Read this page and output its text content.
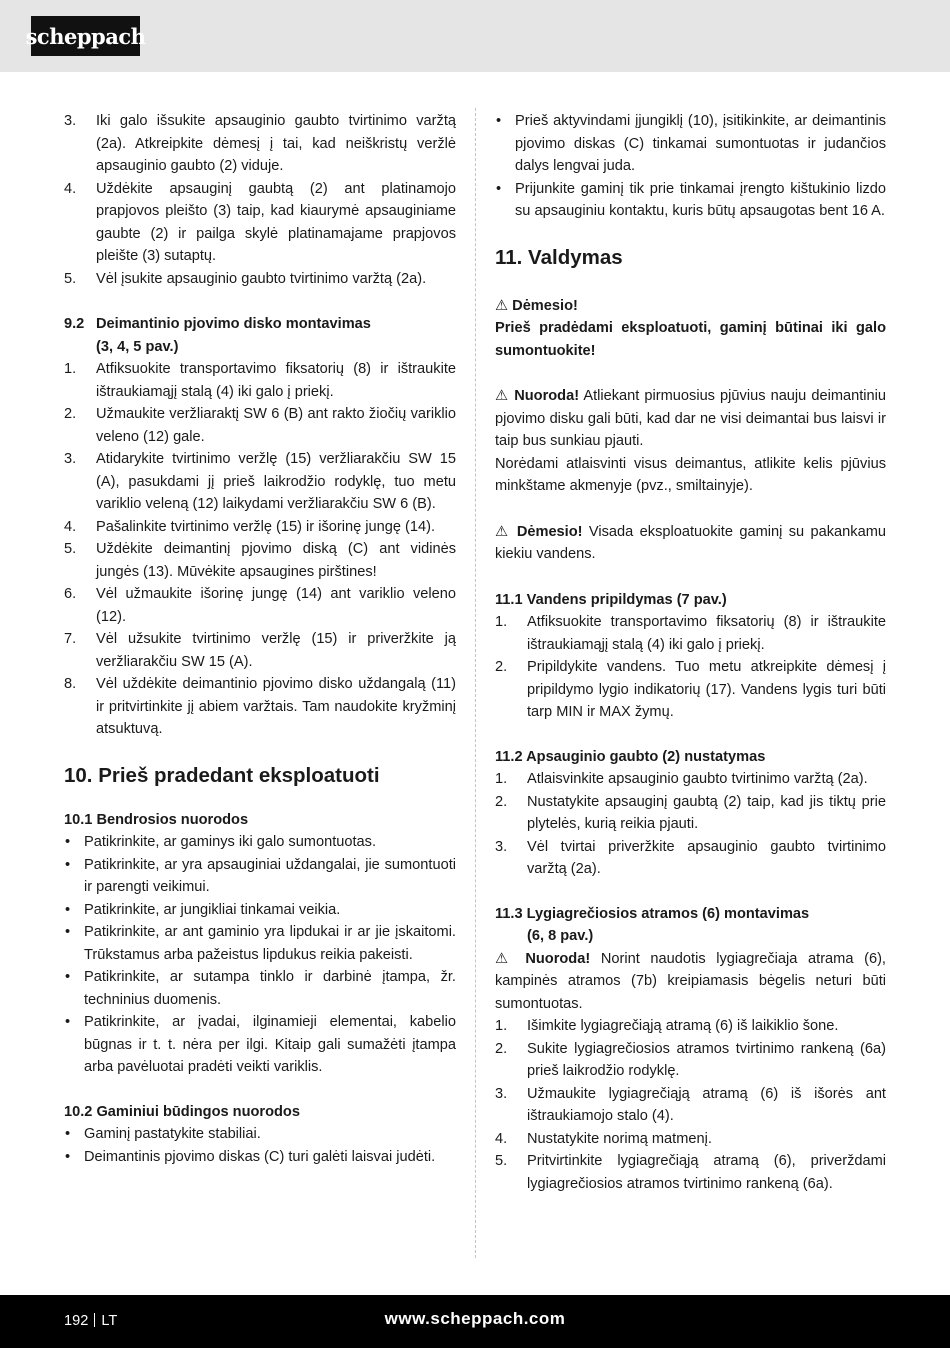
scheppach
3. Iki galo išsukite apsauginio gaubto tvirtinimo varžtą (2a). Atkreipkite dėmesį į tai, kad neiškristų veržlė apsauginio gaubto (2) viduje.
4. Uždėkite apsauginį gaubtą (2) ant platinamojo prapjovos pleišto (3) taip, kad kiaurymė apsauginiame gaubte (2) ir pailga skylė platinamajame prapjovos pleište (3) sutaptų.
5. Vėl įsukite apsauginio gaubto tvirtinimo varžtą (2a).
9.2 Deimantinio pjovimo disko montavimas
(3, 4, 5 pav.)
1. Atfiksuokite transportavimo fiksatorių (8) ir ištraukite ištraukiamąjį stalą (4) iki galo į priekį.
2. Užmaukite veržliaraktį SW 6 (B) ant rakto žiočių variklio veleno (12) gale.
3. Atidarykite tvirtinimo veržlę (15) veržliarakčiu SW 15 (A), pasukdami jį prieš laikrodžio rodyklę, tuo metu variklio veleną (12) laikydami veržliarakčiu SW 6 (B).
4. Pašalinkite tvirtinimo veržlę (15) ir išorinę jungę (14).
5. Uždėkite deimantinį pjovimo diską (C) ant vidinės jungės (13). Mūvėkite apsaugines pirštines!
6. Vėl užmaukite išorinę jungę (14) ant variklio veleno (12).
7. Vėl užsukite tvirtinimo veržlę (15) ir priveržkite ją veržliarakčiu SW 15 (A).
8. Vėl uždėkite deimantinio pjovimo disko uždangalą (11) ir pritvirtinkite jį abiem varžtais. Tam naudokite kryžminį atsuktuvą.
10. Prieš pradedant eksploatuoti
10.1 Bendrosios nuorodos
• Patikrinkite, ar gaminys iki galo sumontuotas.
• Patikrinkite, ar yra apsauginiai uždangalai, jie sumontuoti ir parengti veikimui.
• Patikrinkite, ar jungikliai tinkamai veikia.
• Patikrinkite, ar ant gaminio yra lipdukai ir ar jie įskaitomi. Trūkstamus arba pažeistus lipdukus reikia pakeisti.
• Patikrinkite, ar sutampa tinklo ir darbinė įtampa, žr. techninius duomenis.
• Patikrinkite, ar įvadai, ilginamieji elementai, kabelio būgnas ir t. t. nėra per ilgi. Kitaip gali sumažėti įtampa arba pavėluotai pradėti veikti variklis.
10.2 Gaminiui būdingos nuorodos
• Gaminį pastatykite stabiliai.
• Deimantinis pjovimo diskas (C) turi galėti laisvai judėti.
• Prieš aktyvindami įjungiklį (10), įsitikinkite, ar deimantinis pjovimo diskas (C) tinkamai sumontuotas ir judančios dalys lengvai juda.
• Prijunkite gaminį tik prie tinkamai įrengto kištukinio lizdo su apsauginiu kontaktu, kuris būtų apsaugotas bent 16 A.
11. Valdymas
⚠ Dėmesio!
Prieš pradėdami eksploatuoti, gaminį būtinai iki galo sumontuokite!
⚠ Nuoroda! Atliekant pirmuosius pjūvius nauju deimantiniu pjovimo disku gali būti, kad dar ne visi deimantai bus laisvi ir taip bus sunkiau pjauti.
Norėdami atlaisvinti visus deimantus, atlikite kelis pjūvius minkštame akmenyje (pvz., smiltainyje).
⚠ Dėmesio! Visada eksploatuokite gaminį su pakankamu kiekiu vandens.
11.1 Vandens pripildymas (7 pav.)
1. Atfiksuokite transportavimo fiksatorių (8) ir ištraukite ištraukiamąjį stalą (4) iki galo į priekį.
2. Pripildykite vandens. Tuo metu atkreipkite dėmesį į pripildymo lygio indikatorių (17). Vandens lygis turi būti tarp MIN ir MAX žymų.
11.2 Apsauginio gaubto (2) nustatymas
1. Atlaisvinkite apsauginio gaubto tvirtinimo varžtą (2a).
2. Nustatykite apsauginį gaubtą (2) taip, kad jis tiktų prie plytelės, kurią reikia pjauti.
3. Vėl tvirtai priveržkite apsauginio gaubto tvirtinimo varžtą (2a).
11.3 Lygiagrečiosios atramos (6) montavimas
(6, 8 pav.)
⚠ Nuoroda! Norint naudotis lygiagrečiaja atrama (6), kampinės atramos (7b) kreipiamasis bėgelis neturi būti sumontuotas.
1. Išimkite lygiagrečiąją atramą (6) iš laikiklio šone.
2. Sukite lygiagrečiosios atramos tvirtinimo rankeną (6a) prieš laikrodžio rodyklę.
3. Užmaukite lygiagrečiąją atramą (6) iš išorės ant ištraukiamojo stalo (4).
4. Nustatykite norimą matmenį.
5. Pritvirtinkite lygiagrečiąją atramą (6), priverždami lygiagrečiosios atramos tvirtinimo rankeną (6a).
192 LT	www.scheppach.com
